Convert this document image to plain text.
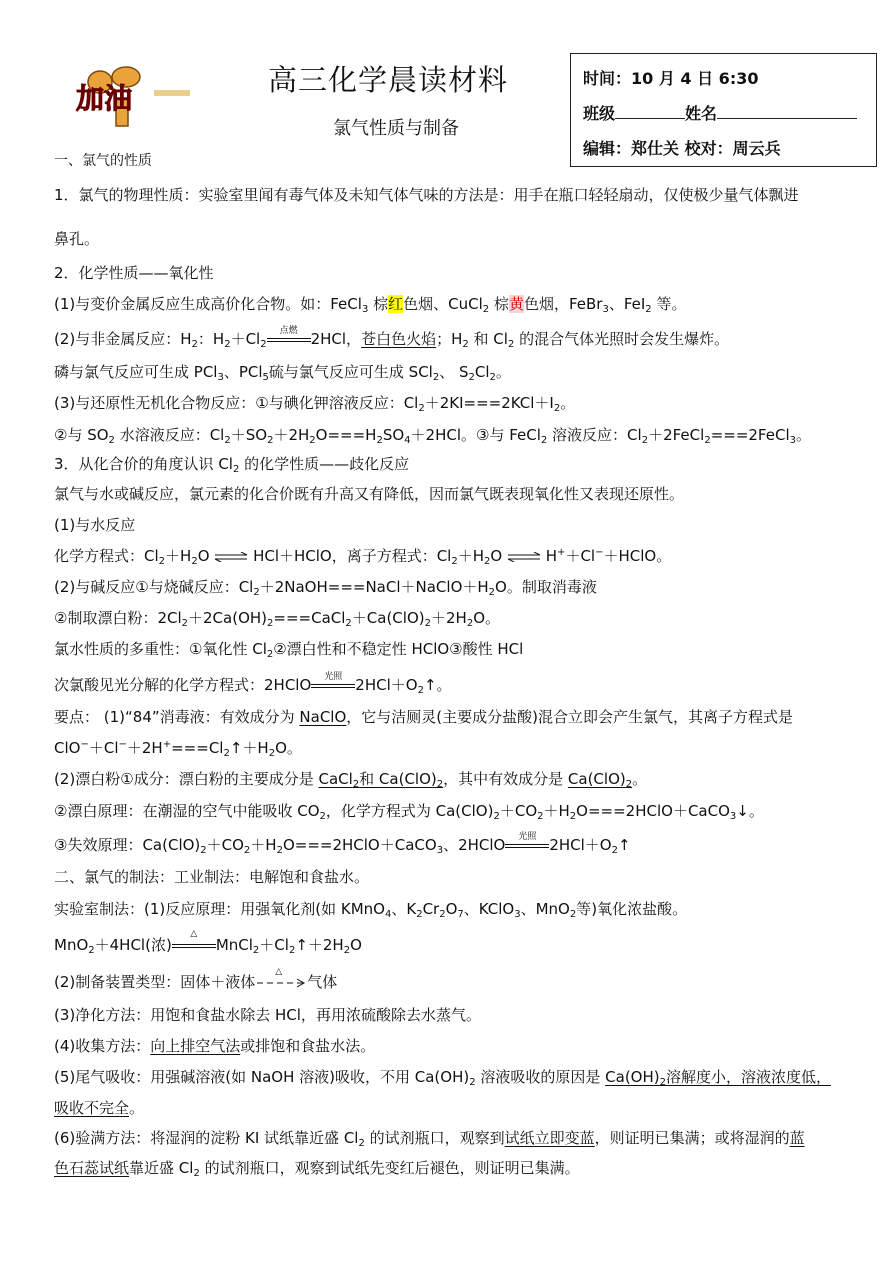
加油
高三化学晨读材料
氯气性质与制备
时间：10 月 4 日 6:30
班级	姓名
编辑：郑仕关 校对：周云兵
一、氯气的性质
1．氯气的物理性质：实验室里闻有毒气体及未知气体气味的方法是：用手在瓶口轻轻扇动，仅使极少量气体飘进
鼻孔。
2．化学性质——氧化性
(1)与变价金属反应生成高价化合物。如：FeCl$_3$ 棕红色烟、CuCl$_2$ 棕黄色烟，FeBr$_3$、FeI$_2$ 等。
(2)与非金属反应：$H_2$：$H_2+Cl_2$
点燃 2HCl，苍白色火焰；$H_2$ 和 $Cl_2$ 的混合气体光照时会发生爆炸。
磷与氯气反应可生成 PCl$_3$、PCl$_5$硫与氯气反应可生成 SCl$_2$、 $S_2Cl_2$。
(3)与还原性无机化合物反应：①与碘化钾溶液反应：$Cl_2+2KI===2KCl+I_2$。
②与 $SO_2$ 水溶液反应：$Cl_2+SO_2+2H_2O===H_2SO_4+2HCl$。③与 FeCl$_2$ 溶液反应：$Cl_2+2FeCl_2===2FeCl_3$。
3．从化合价的角度认识 $Cl_2$ 的化学性质——歧化反应
氯气与水或碱反应，氯元素的化合价既有升高又有降低，因而氯气既表现氧化性又表现还原性。
(1)与水反应
化学方程式：$Cl_2+H_2O$ ⇌ HCl＋HClO，离子方程式：$Cl_2+H_2O$ ⇌ H+＋Cl−＋HClO。
(2)与碱反应①与烧碱反应：$Cl_2+2NaOH===NaCl+NaClO+H_2O$。制取消毒液
②制取漂白粉：$2Cl_2+2Ca(OH)_2===CaCl_2+Ca(ClO)_2+2H_2O$。
氯水性质的多重性：①氧化性 $Cl_2②$漂白性和不稳定性 HClO③酸性 HCl
次氯酸见光分解的化学方程式：2HClO	光照 $2HCl+O_2↑$。
要点： (1)“84”消毒液：有效成分为 NaClO，它与洁厕灵(主要成分盐酸)混合立即会产生氯气，其离子方程式是
$ClO^-+Cl^-+2H^+===Cl_2↑+H_2O$。
(2)漂白粉①成分：漂白粉的主要成分是 CaCl$_2$和 $Ca(ClO)_2$，其中有效成分是 $Ca(ClO)_2$。
②漂白原理：在潮湿的空气中能吸收 $CO_2$，化学方程式为 $Ca(ClO)_2+CO_2+H_2O===2HClO+CaCO_3↓$。
③失效原理：$Ca(ClO)_2+CO_2+H_2O===2HClO+CaCO_3$、2HClO	光照 $2HCl+O_2↑$
二、氯气的制法：工业制法：电解饱和食盐水。
实验室制法：(1)反应原理：用强氧化剂(如 KMnO$_4$、$K_2Cr_2O_7$、KClO$_3$、MnO$_2$等)氧化浓盐酸。
MnO$_2$＋4HCl(浓)
△
$MnCl_2+Cl_2↑+2H_2O$
(2)制备装置类型：固体＋液体
△
气体
(3)净化方法：用饱和食盐水除去 HCl，再用浓硫酸除去水蒸气。
(4)收集方法：向上排空气法或排饱和食盐水法。
(5)尾气吸收：用强碱溶液(如 NaOH 溶液)吸收，不用 $Ca(OH)_2$ 溶液吸收的原因是 $Ca(OH)_2$溶解度小，溶液浓度低，
吸收不完全。
(6)验满方法：将湿润的淀粉 KI 试纸靠近盛 $Cl_2$ 的试剂瓶口，观察到试纸立即变蓝，则证明已集满；或将湿润的蓝
色石蕊试纸靠近盛 $Cl_2$ 的试剂瓶口，观察到试纸先变红后褪色，则证明已集满。
